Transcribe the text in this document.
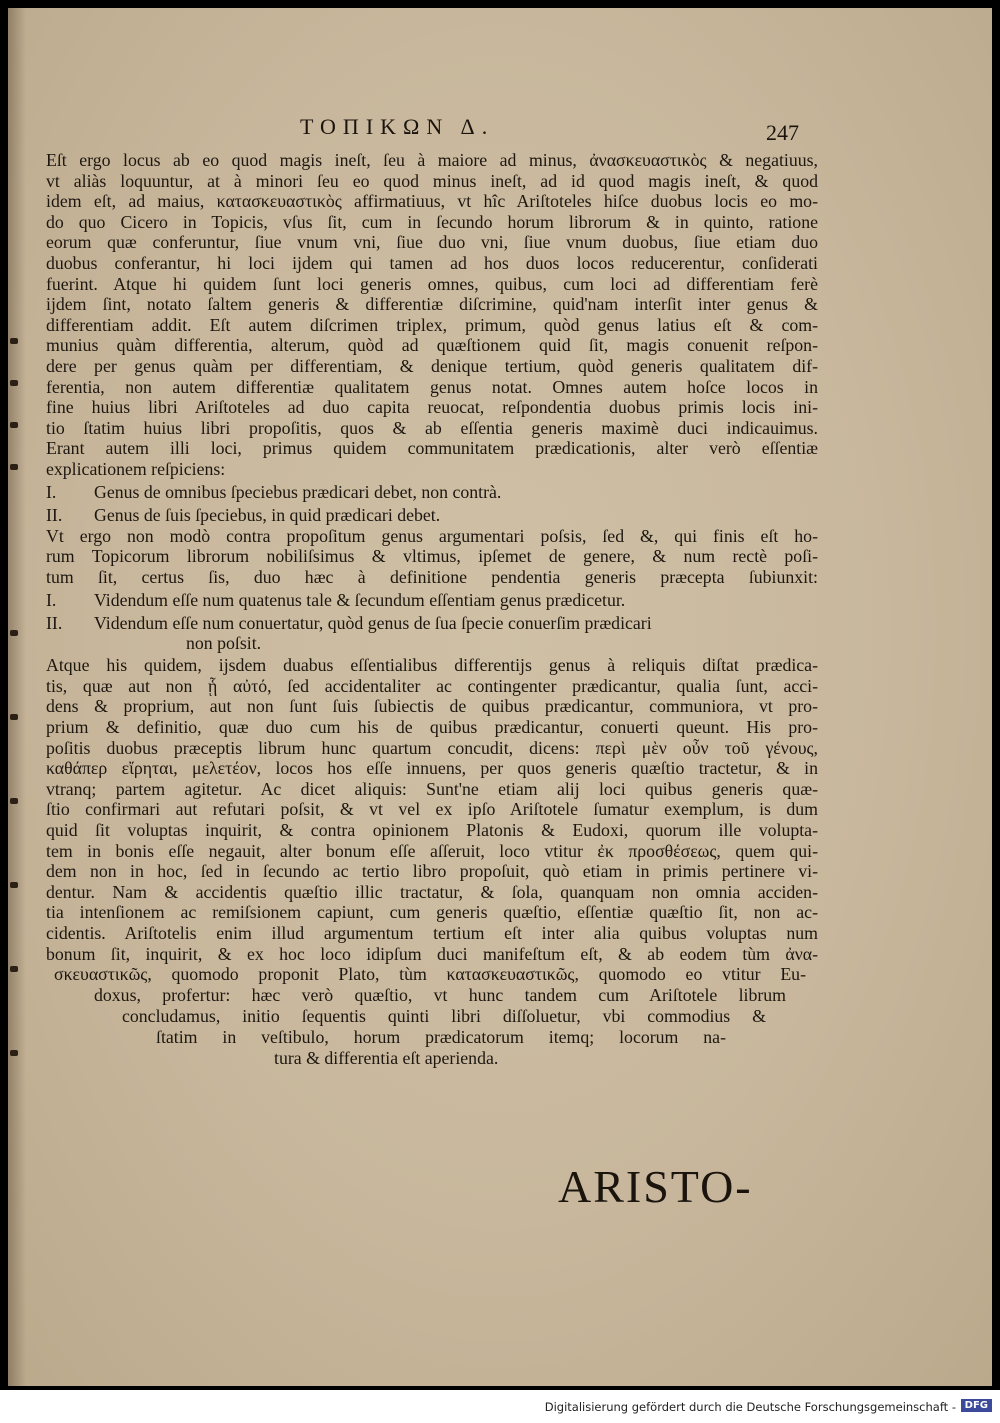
ΤΟΠΙΚΩΝ Δ.	247
Eſt ergo locus ab eo quod magis ineſt, ſeu à maiore ad minus, ἀνασκευαστικὸς & negatiuus,
vt aliàs loquuntur, at à minori ſeu eo quod minus ineſt, ad id quod magis ineſt, & quod
idem eſt, ad maius, κατασκευαστικὸς affirmatiuus, vt hîc Ariſtoteles hiſce duobus locis eo mo-
do quo Cicero in Topicis, vſus ſit, cum in ſecundo horum librorum & in quinto, ratione
eorum quæ conferuntur, ſiue vnum vni, ſiue duo vni, ſiue vnum duobus, ſiue etiam duo
duobus conferantur, hi loci ijdem qui tamen ad hos duos locos reducerentur, conſiderati
fuerint. Atque hi quidem ſunt loci generis omnes, quibus, cum loci ad differentiam ferè
ijdem ſint, notato ſaltem generis & differentiæ diſcrimine, quid'nam interſit inter genus &
differentiam addit. Eſt autem diſcrimen triplex, primum, quòd genus latius eſt & com-
munius quàm differentia, alterum, quòd ad quæſtionem quid ſit, magis conuenit reſpon-
dere per genus quàm per differentiam, & denique tertium, quòd generis qualitatem dif-
ferentia, non autem differentiæ qualitatem genus notat. Omnes autem hoſce locos in
fine huius libri Ariſtoteles ad duo capita reuocat, reſpondentia duobus primis locis ini-
tio ſtatim huius libri propoſitis, quos & ab eſſentia generis maximè duci indicauimus.
Erant autem illi loci, primus quidem communitatem prædicationis, alter verò eſſentiæ
explicationem reſpiciens:
I.	Genus de omnibus ſpeciebus prædicari debet, non contrà.
II.	Genus de ſuis ſpeciebus, in quid prædicari debet.
Vt ergo non modò contra propoſitum genus argumentari poſsis, ſed &, qui finis eſt ho-
rum Topicorum librorum nobiliſsimus & vltimus, ipſemet de genere, & num rectè poſi-
tum ſit, certus ſis, duo hæc à definitione pendentia generis præcepta ſubiunxit:
I.	Videndum eſſe num quatenus tale & ſecundum eſſentiam genus prædicetur.
II.	Videndum eſſe num conuertatur, quòd genus de ſua ſpecie conuerſim prædicari
non poſsit.
Atque his quidem, ijsdem duabus eſſentialibus differentijs genus à reliquis diſtat prædica-
tis, quæ aut non ᾗ αὐτό, ſed accidentaliter ac contingenter prædicantur, qualia ſunt, acci-
dens & proprium, aut non ſunt ſuis ſubiectis de quibus prædicantur, communiora, vt pro-
prium & definitio, quæ duo cum his de quibus prædicantur, conuerti queunt. His pro-
poſitis duobus præceptis librum hunc quartum concudit, dicens: περὶ μὲν οὖν τοῦ γένους,
καθάπερ εἴρηται, μελετέον, locos hos eſſe innuens, per quos generis quæſtio tractetur, & in
vtranq; partem agitetur. Ac dicet aliquis: Sunt'ne etiam alij loci quibus generis quæ-
ſtio confirmari aut refutari poſsit, & vt vel ex ipſo Ariſtotele ſumatur exemplum, is dum
quid ſit voluptas inquirit, & contra opinionem Platonis & Eudoxi, quorum ille volupta-
tem in bonis eſſe negauit, alter bonum eſſe aſſeruit, loco vtitur ἐκ προσθέσεως, quem qui-
dem non in hoc, ſed in ſecundo ac tertio libro propoſuit, quò etiam in primis pertinere vi-
dentur. Nam & accidentis quæſtio illic tractatur, & ſola, quanquam non omnia acciden-
tia intenſionem ac remiſsionem capiunt, cum generis quæſtio, eſſentiæ quæſtio ſit, non ac-
cidentis. Ariſtotelis enim illud argumentum tertium eſt inter alia quibus voluptas num
bonum ſit, inquirit, & ex hoc loco idipſum duci manifeſtum eſt, & ab eodem tùm ἀνα-
σκευαστικῶς, quomodo proponit Plato, tùm κατασκευαστικῶς, quomodo eo vtitur Eu-
doxus, profertur: hæc verò quæſtio, vt hunc tandem cum Ariſtotele librum
concludamus, initio ſequentis quinti libri diſſoluetur, vbi commodius &
ſtatim in veſtibulo, horum prædicatorum itemq; locorum na-
tura & differentia eſt aperienda.
ARISTO-
Digitalisierung gefördert durch die Deutsche Forschungsgemeinschaft - DFG
